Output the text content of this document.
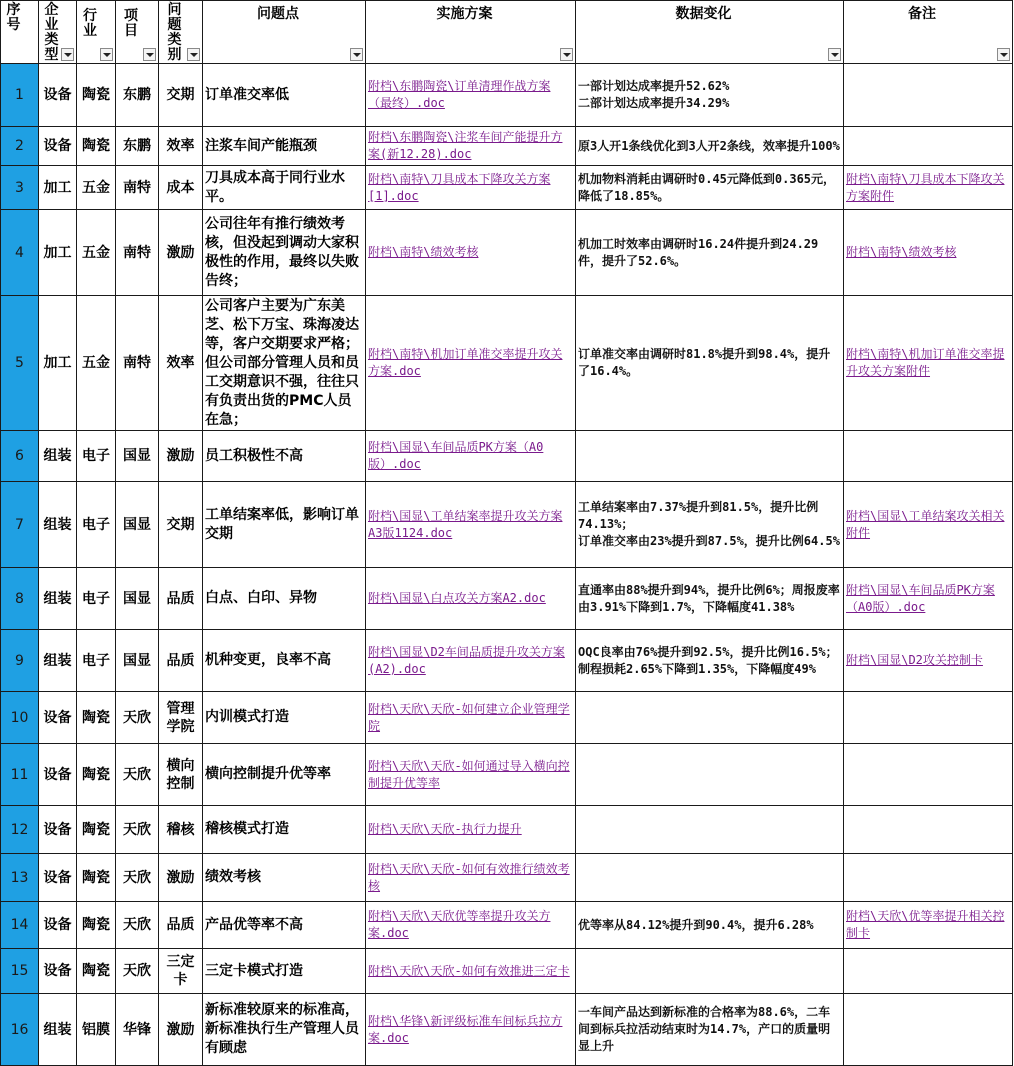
序号	企业类型	行业	项目	问题类别	问题点	实施方案	数据变化	备注

1	设备	陶瓷	东鹏	交期	订单准交率低	附档\东鹏陶瓷\订单清理作战方案（最终）.doc	一部计划达成率提升52.62%
二部计划达成率提升34.29%	
2	设备	陶瓷	东鹏	效率	注浆车间产能瓶颈	附档\东鹏陶瓷\注浆车间产能提升方案(新12.28).doc	原3人开1条线优化到3人开2条线，效率提升100%	
3	加工	五金	南特	成本	刀具成本高于同行业水平。	附档\南特\刀具成本下降攻关方案[1].doc	机加物料消耗由调研时0.45元降低到0.365元，降低了18.85%。	附档\南特\刀具成本下降攻关方案附件
4	加工	五金	南特	激励	公司往年有推行绩效考核，但没起到调动大家积极性的作用，最终以失败告终；	附档\南特\绩效考核	机加工时效率由调研时16.24件提升到24.29件，提升了52.6%。	附档\南特\绩效考核
5	加工	五金	南特	效率	公司客户主要为广东美芝、松下万宝、珠海凌达等，客户交期要求严格；但公司部分管理人员和员工交期意识不强，往往只有负责出货的PMC人员在急；	附档\南特\机加订单准交率提升攻关方案.doc	订单准交率由调研时81.8%提升到98.4%，提升了16.4%。	附档\南特\机加订单准交率提升攻关方案附件
6	组装	电子	国显	激励	员工积极性不高	附档\国显\车间品质PK方案（A0版）.doc		
7	组装	电子	国显	交期	工单结案率低，影响订单交期	附档\国显\工单结案率提升攻关方案A3版1124.doc	工单结案率由7.37%提升到81.5%，提升比例74.13%；
订单准交率由23%提升到87.5%，提升比例64.5%	附档\国显\工单结案攻关相关附件
8	组装	电子	国显	品质	白点、白印、异物	附档\国显\白点攻关方案A2.doc	直通率由88%提升到94%，提升比例6%；周报废率由3.91%下降到1.7%，下降幅度41.38%	附档\国显\车间品质PK方案（A0版）.doc
9	组装	电子	国显	品质	机种变更，良率不高	附档\国显\D2车间品质提升攻关方案(A2).doc	OQC良率由76%提升到92.5%，提升比例16.5%；制程损耗2.65%下降到1.35%，下降幅度49%	附档\国显\D2攻关控制卡
10	设备	陶瓷	天欣	管理学院	内训模式打造	附档\天欣\天欣-如何建立企业管理学院		
11	设备	陶瓷	天欣	横向控制	横向控制提升优等率	附档\天欣\天欣-如何通过导入横向控制提升优等率		
12	设备	陶瓷	天欣	稽核	稽核模式打造	附档\天欣\天欣-执行力提升		
13	设备	陶瓷	天欣	激励	绩效考核	附档\天欣\天欣-如何有效推行绩效考核		
14	设备	陶瓷	天欣	品质	产品优等率不高	附档\天欣\天欣优等率提升攻关方案.doc	优等率从84.12%提升到90.4%，提升6.28%	附档\天欣\优等率提升相关控制卡
15	设备	陶瓷	天欣	三定卡	三定卡模式打造	附档\天欣\天欣-如何有效推进三定卡		
16	组装	铝膜	华锋	激励	新标准较原来的标准高，新标准执行生产管理人员有顾虑	附档\华锋\新评级标准车间标兵拉方案.doc	一车间产品达到新标准的合格率为88.6%，二车间到标兵拉活动结束时为14.7%，产口的质量明显上升	
